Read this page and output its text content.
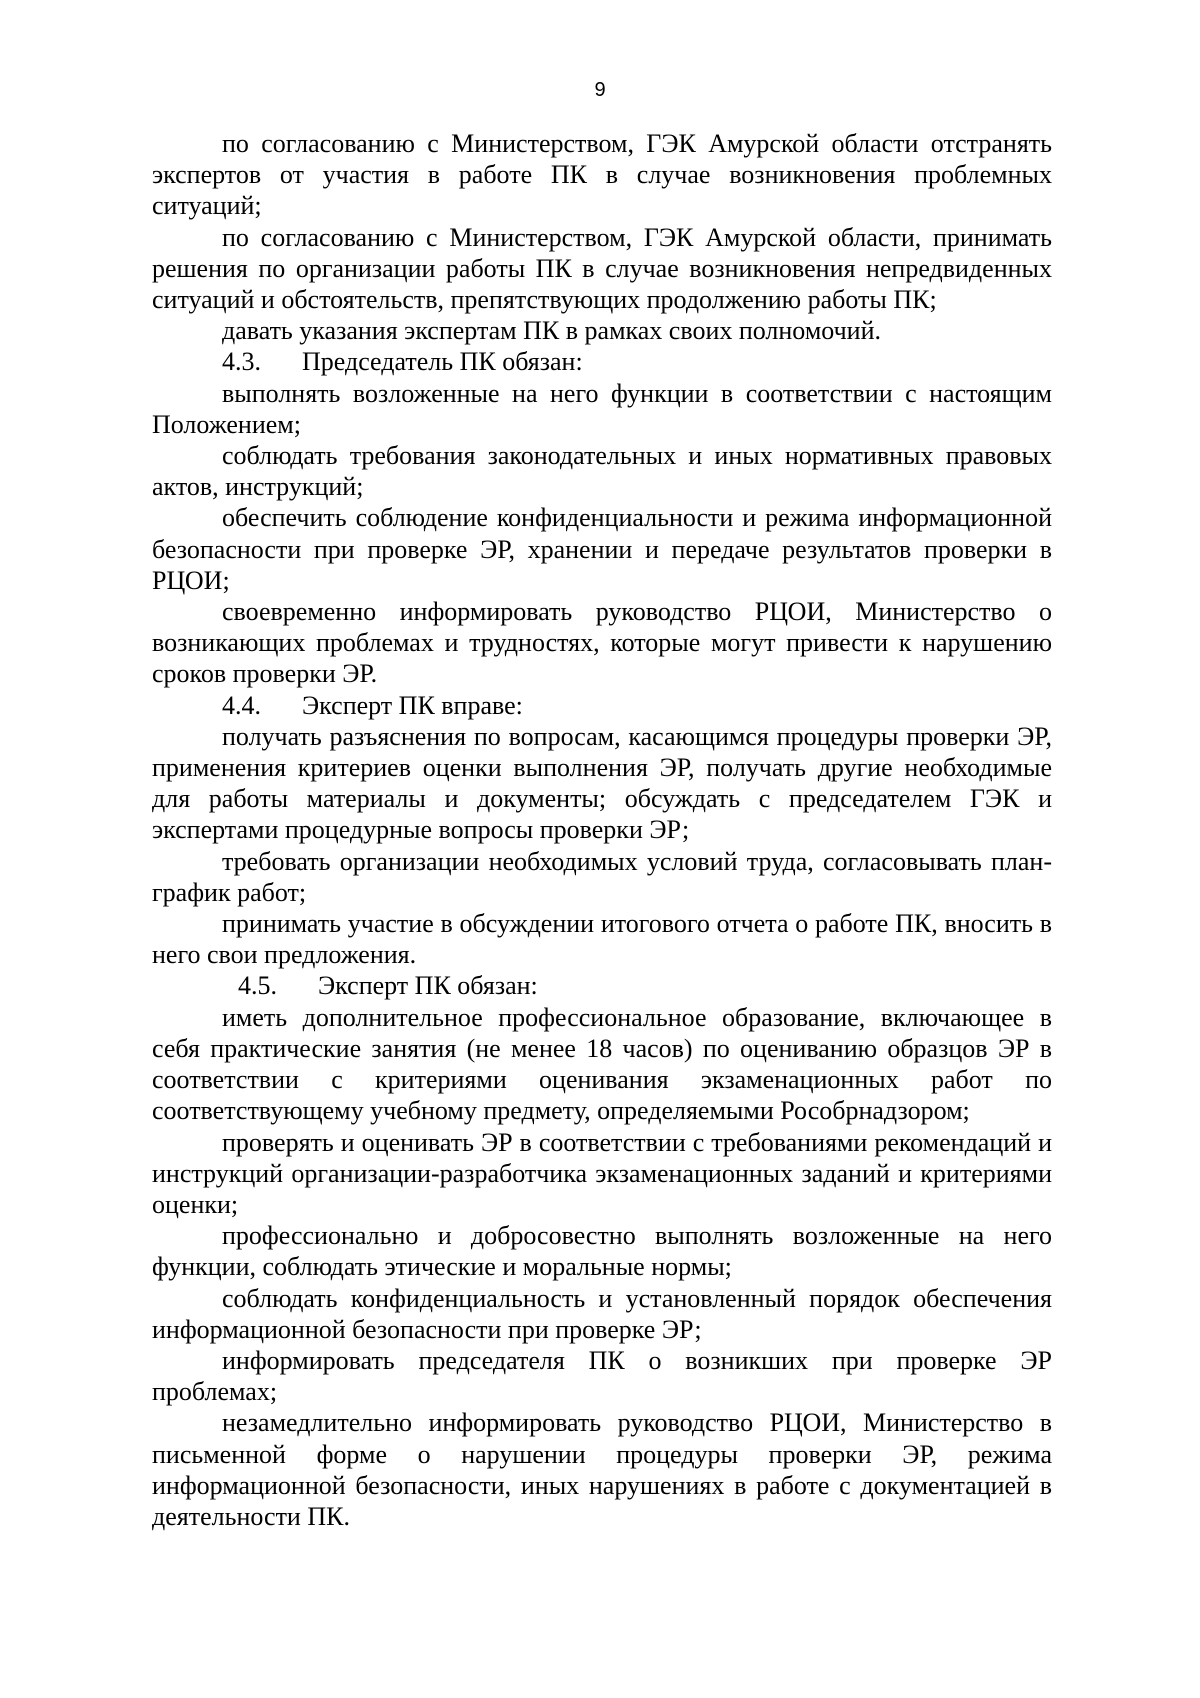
9

по согласованию с Министерством, ГЭК Амурской области отстранять экспертов от участия в работе ПК в случае возникновения проблемных ситуаций;

по согласованию с Министерством, ГЭК Амурской области, принимать решения по организации работы ПК в случае возникновения непредвиденных ситуаций и обстоятельств, препятствующих продолжению работы ПК;

давать указания экспертам ПК в рамках своих полномочий.

4.3. Председатель ПК обязан:

выполнять возложенные на него функции в соответствии с настоящим Положением;

соблюдать требования законодательных и иных нормативных правовых актов, инструкций;

обеспечить соблюдение конфиденциальности и режима информационной безопасности при проверке ЭР, хранении и передаче результатов проверки в РЦОИ;

своевременно информировать руководство РЦОИ, Министерство о возникающих проблемах и трудностях, которые могут привести к нарушению сроков проверки ЭР.

4.4. Эксперт ПК вправе:

получать разъяснения по вопросам, касающимся процедуры проверки ЭР, применения критериев оценки выполнения ЭР, получать другие необходимые для работы материалы и документы; обсуждать с председателем ГЭК и экспертами процедурные вопросы проверки ЭР;

требовать организации необходимых условий труда, согласовывать план-график работ;

принимать участие в обсуждении итогового отчета о работе ПК, вносить в него свои предложения.

4.5. Эксперт ПК обязан:

иметь дополнительное профессиональное образование, включающее в себя практические занятия (не менее 18 часов) по оцениванию образцов ЭР в соответствии с критериями оценивания экзаменационных работ по соответствующему учебному предмету, определяемыми Рособрнадзором;

проверять и оценивать ЭР в соответствии с требованиями рекомендаций и инструкций организации-разработчика экзаменационных заданий и критериями оценки;

профессионально и добросовестно выполнять возложенные на него функции, соблюдать этические и моральные нормы;

соблюдать конфиденциальность и установленный порядок обеспечения информационной безопасности при проверке ЭР;

информировать председателя ПК о возникших при проверке ЭР проблемах;

незамедлительно информировать руководство РЦОИ, Министерство в письменной форме о нарушении процедуры проверки ЭР, режима информационной безопасности, иных нарушениях в работе с документацией в деятельности ПК.
